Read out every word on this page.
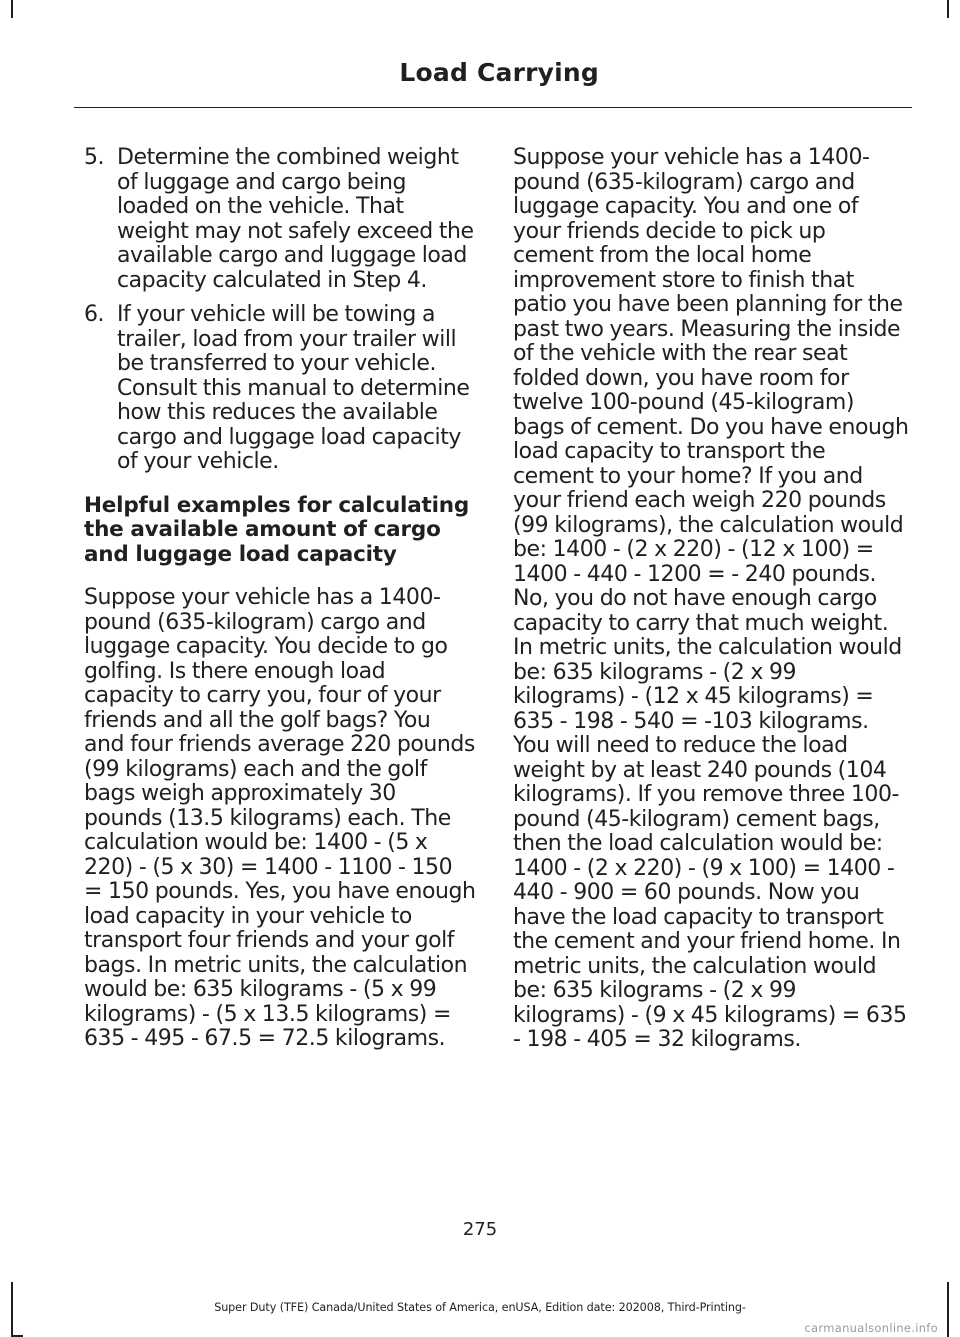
Load Carrying
5. Determine the combined weight of luggage and cargo being loaded on the vehicle. That weight may not safely exceed the available cargo and luggage load capacity calculated in Step 4.
6. If your vehicle will be towing a trailer, load from your trailer will be transferred to your vehicle. Consult this manual to determine how this reduces the available cargo and luggage load capacity of your vehicle.
Helpful examples for calculating the available amount of cargo and luggage load capacity

Suppose your vehicle has a 1400-pound (635-kilogram) cargo and luggage capacity. You decide to go golfing. Is there enough load capacity to carry you, four of your friends and all the golf bags? You and four friends average 220 pounds (99 kilograms) each and the golf bags weigh approximately 30 pounds (13.5 kilograms) each. The calculation would be: 1400 - (5 x 220) - (5 x 30) = 1400 - 1100 - 150 = 150 pounds. Yes, you have enough load capacity in your vehicle to transport four friends and your golf bags. In metric units, the calculation would be: 635 kilograms - (5 x 99 kilograms) - (5 x 13.5 kilograms) = 635 - 495 - 67.5 = 72.5 kilograms.

Suppose your vehicle has a 1400-pound (635-kilogram) cargo and luggage capacity. You and one of your friends decide to pick up cement from the local home improvement store to finish that patio you have been planning for the past two years. Measuring the inside of the vehicle with the rear seat folded down, you have room for twelve 100-pound (45-kilogram) bags of cement. Do you have enough load capacity to transport the cement to your home? If you and your friend each weigh 220 pounds (99 kilograms), the calculation would be: 1400 - (2 x 220) - (12 x 100) = 1400 - 440 - 1200 = - 240 pounds. No, you do not have enough cargo capacity to carry that much weight. In metric units, the calculation would be: 635 kilograms - (2 x 99 kilograms) - (12 x 45 kilograms) = 635 - 198 - 540 = -103 kilograms. You will need to reduce the load weight by at least 240 pounds (104 kilograms). If you remove three 100-pound (45-kilogram) cement bags, then the load calculation would be: 1400 - (2 x 220) - (9 x 100) = 1400 - 440 - 900 = 60 pounds. Now you have the load capacity to transport the cement and your friend home. In metric units, the calculation would be: 635 kilograms - (2 x 99 kilograms) - (9 x 45 kilograms) = 635 - 198 - 405 = 32 kilograms.

275
Super Duty (TFE) Canada/United States of America, enUSA, Edition date: 202008, Third-Printing-
carmanualsonline.info
